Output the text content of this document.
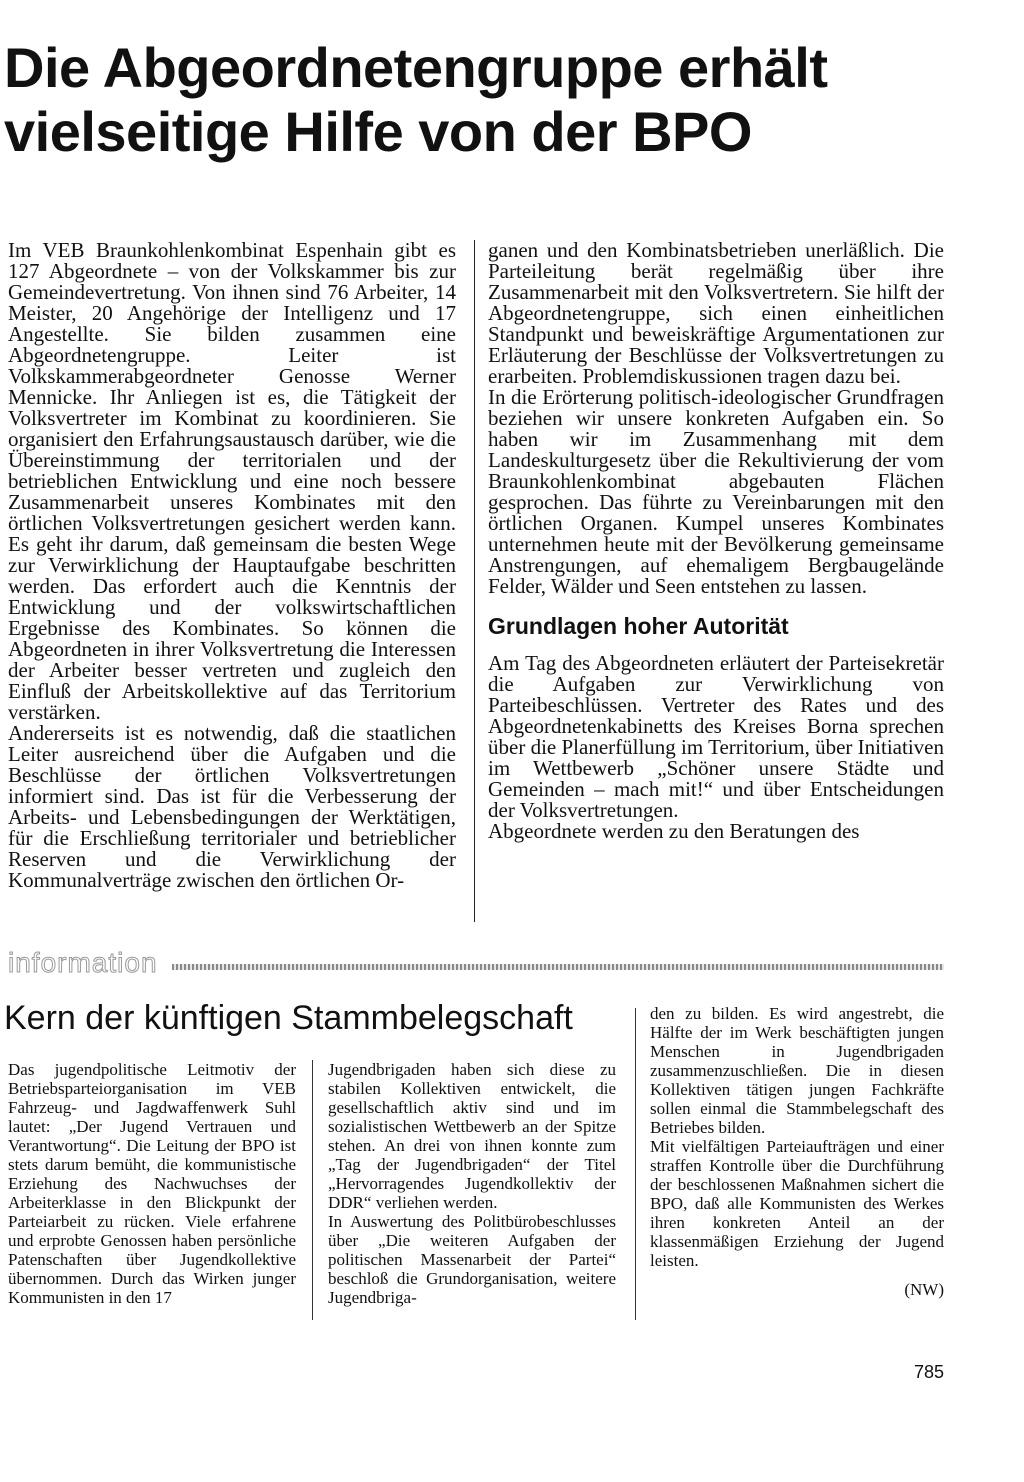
Die Abgeordnetengruppe erhält
vielseitige Hilfe von der BPO

Im VEB Braunkohlenkombinat Espenhain gibt es 127 Abgeordnete – von der Volkskammer bis zur Gemeindevertretung. Von ihnen sind 76 Arbeiter, 14 Meister, 20 Angehörige der Intelligenz und 17 Angestellte. Sie bilden zusammen eine Abgeordnetengruppe. Leiter ist Volkskammerabgeordneter Genosse Werner Mennicke. Ihr Anliegen ist es, die Tätigkeit der Volksvertreter im Kombinat zu koordinieren. Sie organisiert den Erfahrungsaustausch darüber, wie die Übereinstimmung der territorialen und der betrieblichen Entwicklung und eine noch bessere Zusammenarbeit unseres Kombinates mit den örtlichen Volksvertretungen gesichert werden kann. Es geht ihr darum, daß gemeinsam die besten Wege zur Verwirklichung der Hauptaufgabe beschritten werden. Das erfordert auch die Kenntnis der Entwicklung und der volkswirtschaftlichen Ergebnisse des Kombinates. So können die Abgeordneten in ihrer Volksvertretung die Interessen der Arbeiter besser vertreten und zugleich den Einfluß der Arbeitskollektive auf das Territorium verstärken.

Andererseits ist es notwendig, daß die staatlichen Leiter ausreichend über die Aufgaben und die Beschlüsse der örtlichen Volksvertretungen informiert sind. Das ist für die Verbesserung der Arbeits- und Lebensbedingungen der Werktätigen, für die Erschließung territorialer und betrieblicher Reserven und die Verwirklichung der Kommunalverträge zwischen den örtlichen Or-

ganen und den Kombinatsbetrieben unerläßlich. Die Parteileitung berät regelmäßig über ihre Zusammenarbeit mit den Volksvertretern. Sie hilft der Abgeordnetengruppe, sich einen einheitlichen Standpunkt und beweiskräftige Argumentationen zur Erläuterung der Beschlüsse der Volksvertretungen zu erarbeiten. Problemdiskussionen tragen dazu bei.

In die Erörterung politisch-ideologischer Grundfragen beziehen wir unsere konkreten Aufgaben ein. So haben wir im Zusammenhang mit dem Landeskulturgesetz über die Rekultivierung der vom Braunkohlenkombinat abgebauten Flächen gesprochen. Das führte zu Vereinbarungen mit den örtlichen Organen. Kumpel unseres Kombinates unternehmen heute mit der Bevölkerung gemeinsame Anstrengungen, auf ehemaligem Bergbaugelände Felder, Wälder und Seen entstehen zu lassen.

Grundlagen hoher Autorität

Am Tag des Abgeordneten erläutert der Parteisekretär die Aufgaben zur Verwirklichung von Parteibeschlüssen. Vertreter des Rates und des Abgeordnetenkabinetts des Kreises Borna sprechen über die Planerfüllung im Territorium, über Initiativen im Wettbewerb „Schöner unsere Städte und Gemeinden – mach mit!“ und über Entscheidungen der Volksvertretungen.

Abgeordnete werden zu den Beratungen des

information
Kern der künftigen Stammbelegschaft

Das jugendpolitische Leitmotiv der Betriebsparteiorganisation im VEB Fahrzeug- und Jagdwaffenwerk Suhl lautet: „Der Jugend Vertrauen und Verantwortung“. Die Leitung der BPO ist stets darum bemüht, die kommunistische Erziehung des Nachwuchses der Arbeiterklasse in den Blickpunkt der Parteiarbeit zu rücken. Viele erfahrene und erprobte Genossen haben persönliche Patenschaften über Jugendkollektive übernommen. Durch das Wirken junger Kommunisten in den 17

Jugendbrigaden haben sich diese zu stabilen Kollektiven entwickelt, die gesellschaftlich aktiv sind und im sozialistischen Wettbewerb an der Spitze stehen. An drei von ihnen konnte zum „Tag der Jugendbrigaden“ der Titel „Hervorragendes Jugendkollektiv der DDR“ verliehen werden.

In Auswertung des Politbürobeschlusses über „Die weiteren Aufgaben der politischen Massenarbeit der Partei“ beschloß die Grundorganisation, weitere Jugendbriga-

den zu bilden. Es wird angestrebt, die Hälfte der im Werk beschäftigten jungen Menschen in Jugendbrigaden zusammenzuschließen. Die in diesen Kollektiven tätigen jungen Fachkräfte sollen einmal die Stammbelegschaft des Betriebes bilden.

Mit vielfältigen Parteiaufträgen und einer straffen Kontrolle über die Durchführung der beschlossenen Maßnahmen sichert die BPO, daß alle Kommunisten des Werkes ihren konkreten Anteil an der klassenmäßigen Erziehung der Jugend leisten.

(NW)
785
